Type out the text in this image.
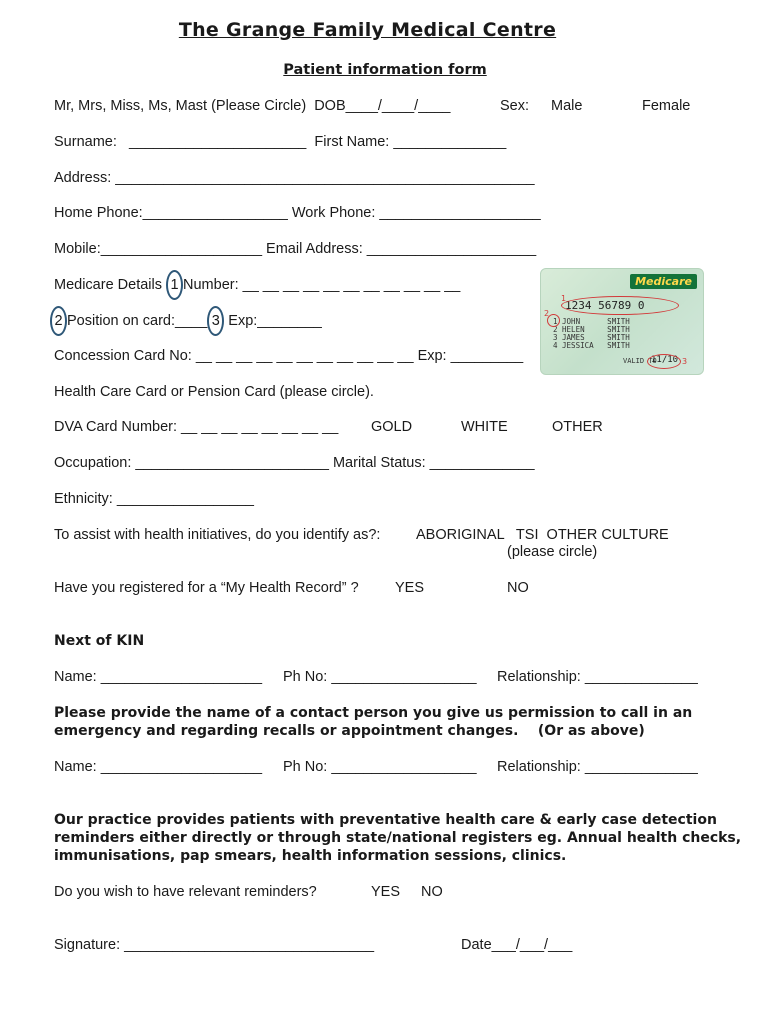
The Grange Family Medical Centre
Patient information form
Mr, Mrs, Miss, Ms, Mast (Please Circle)  DOB____/____/____	Sex: Male	Female
Surname:   ______________________  First Name: ______________
Address: ____________________________________________________
Home Phone:__________________ Work Phone: ____________________
Mobile:____________________ Email Address: _____________________
Medicare Details 1 Number: __ __ __ __ __ __ __ __ __ __ __
2 Position on card:____ 3 Exp:________
Medicare
1234 56789 0
1
1 JOHN      SMITH
2 HELEN     SMITH
3 JAMES     SMITH
4 JESSICA   SMITH
2
VALID TO
11/10 3
Concession Card No: __ __ __ __ __ __ __ __ __ __ __ Exp: _________
Health Care Card or Pension Card (please circle).
DVA Card Number: __ __ __ __ __ __ __ __ GOLD	WHITE	OTHER
Occupation: ________________________ Marital Status: _____________
Ethnicity: _________________
To assist with health initiatives, do you identify as?: ABORIGINAL   TSI  OTHER CULTURE
(please circle)
Have you registered for a “My Health Record” ?	YES	NO
Next of KIN
Name: ____________________ Ph No: __________________ Relationship: ______________
Please provide the name of a contact person you give us permission to call in an
emergency and regarding recalls or appointment changes.    (Or as above)
Name: ____________________ Ph No: __________________ Relationship: ______________
Our practice provides patients with preventative health care & early case detection
reminders either directly or through state/national registers eg. Annual health checks,
immunisations, pap smears, health information sessions, clinics.
Do you wish to have relevant reminders?	YES NO
Signature: _______________________________	Date___/___/___
